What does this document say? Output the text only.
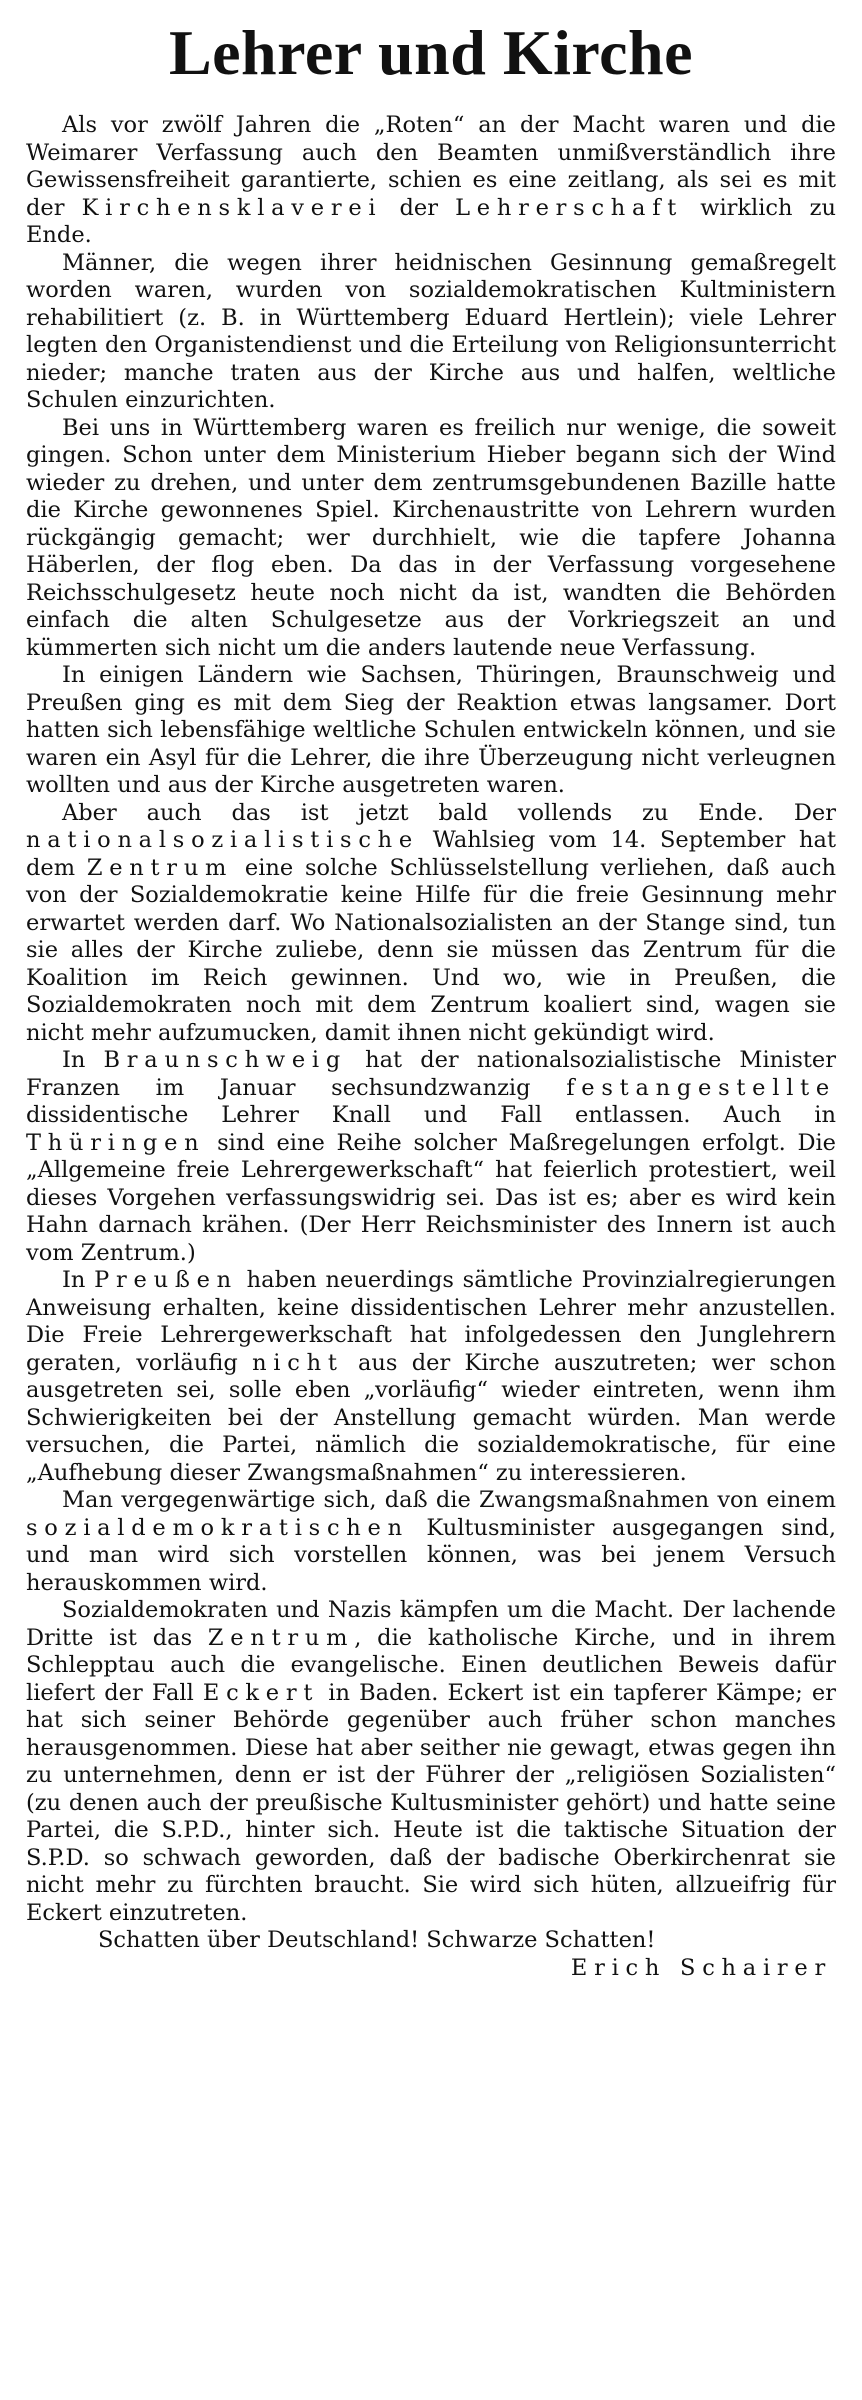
Lehrer und Kirche

Als vor zwölf Jahren die „Roten“ an der Macht waren und die Weimarer Verfassung auch den Beamten unmißverständlich ihre Gewissensfreiheit garantierte, schien es eine zeitlang, als sei es mit der Kirchensklaverei der Lehrerschaft wirklich zu Ende.

Männer, die wegen ihrer heidnischen Gesinnung gemaßregelt worden waren, wurden von sozialdemokratischen Kultministern rehabilitiert (z. B. in Württemberg Eduard Hertlein); viele Lehrer legten den Organistendienst und die Erteilung von Religionsunterricht nieder; manche traten aus der Kirche aus und halfen, weltliche Schulen einzurichten.

Bei uns in Württemberg waren es freilich nur wenige, die soweit gingen. Schon unter dem Ministerium Hieber begann sich der Wind wieder zu drehen, und unter dem zentrumsgebundenen Bazille hatte die Kirche gewonnenes Spiel. Kirchenaustritte von Lehrern wurden rückgängig gemacht; wer durchhielt, wie die tapfere Johanna Häberlen, der flog eben. Da das in der Verfassung vorgesehene Reichsschulgesetz heute noch nicht da ist, wandten die Behörden einfach die alten Schulgesetze aus der Vorkriegszeit an und kümmerten sich nicht um die anders lautende neue Verfassung.

In einigen Ländern wie Sachsen, Thüringen, Braunschweig und Preußen ging es mit dem Sieg der Reaktion etwas langsamer. Dort hatten sich lebensfähige weltliche Schulen entwickeln können, und sie waren ein Asyl für die Lehrer, die ihre Überzeugung nicht verleugnen wollten und aus der Kirche ausgetreten waren.

Aber auch das ist jetzt bald vollends zu Ende. Der nationalsozialistische Wahlsieg vom 14. September hat dem Zentrum eine solche Schlüsselstellung verliehen, daß auch von der Sozialdemokratie keine Hilfe für die freie Gesinnung mehr erwartet werden darf. Wo Nationalsozialisten an der Stange sind, tun sie alles der Kirche zuliebe, denn sie müssen das Zentrum für die Koalition im Reich gewinnen. Und wo, wie in Preußen, die Sozialdemokraten noch mit dem Zentrum koaliert sind, wagen sie nicht mehr aufzumucken, damit ihnen nicht gekündigt wird.

In Braunschweig hat der nationalsozialistische Minister Franzen im Januar sechsundzwanzig festangestellte dissidentische Lehrer Knall und Fall entlassen. Auch in Thüringen sind eine Reihe solcher Maßregelungen erfolgt. Die „Allgemeine freie Lehrergewerkschaft“ hat feierlich protestiert, weil dieses Vorgehen verfassungswidrig sei. Das ist es; aber es wird kein Hahn darnach krähen. (Der Herr Reichsminister des Innern ist auch vom Zentrum.)

In Preußen haben neuerdings sämtliche Provinzialregierungen Anweisung erhalten, keine dissidentischen Lehrer mehr anzustellen. Die Freie Lehrergewerkschaft hat infolgedessen den Junglehrern geraten, vorläufig nicht aus der Kirche auszutreten; wer schon ausgetreten sei, solle eben „vorläufig“ wieder eintreten, wenn ihm Schwierigkeiten bei der Anstellung gemacht würden. Man werde versuchen, die Partei, nämlich die sozialdemokratische, für eine „Aufhebung dieser Zwangsmaßnahmen“ zu interessieren.

Man vergegenwärtige sich, daß die Zwangsmaßnahmen von einem sozialdemokratischen Kultusminister ausgegangen sind, und man wird sich vorstellen können, was bei jenem Versuch herauskommen wird.

Sozialdemokraten und Nazis kämpfen um die Macht. Der lachende Dritte ist das Zentrum, die katholische Kirche, und in ihrem Schlepptau auch die evangelische. Einen deutlichen Beweis dafür liefert der Fall Eckert in Baden. Eckert ist ein tapferer Kämpe; er hat sich seiner Behörde gegenüber auch früher schon manches herausgenommen. Diese hat aber seither nie gewagt, etwas gegen ihn zu unternehmen, denn er ist der Führer der „religiösen Sozialisten“ (zu denen auch der preußische Kultusminister gehört) und hatte seine Partei, die S.P.D., hinter sich. Heute ist die taktische Situation der S.P.D. so schwach geworden, daß der badische Oberkirchenrat sie nicht mehr zu fürchten braucht. Sie wird sich hüten, allzueifrig für Eckert einzutreten.

Schatten über Deutschland! Schwarze Schatten!

Erich Schairer
